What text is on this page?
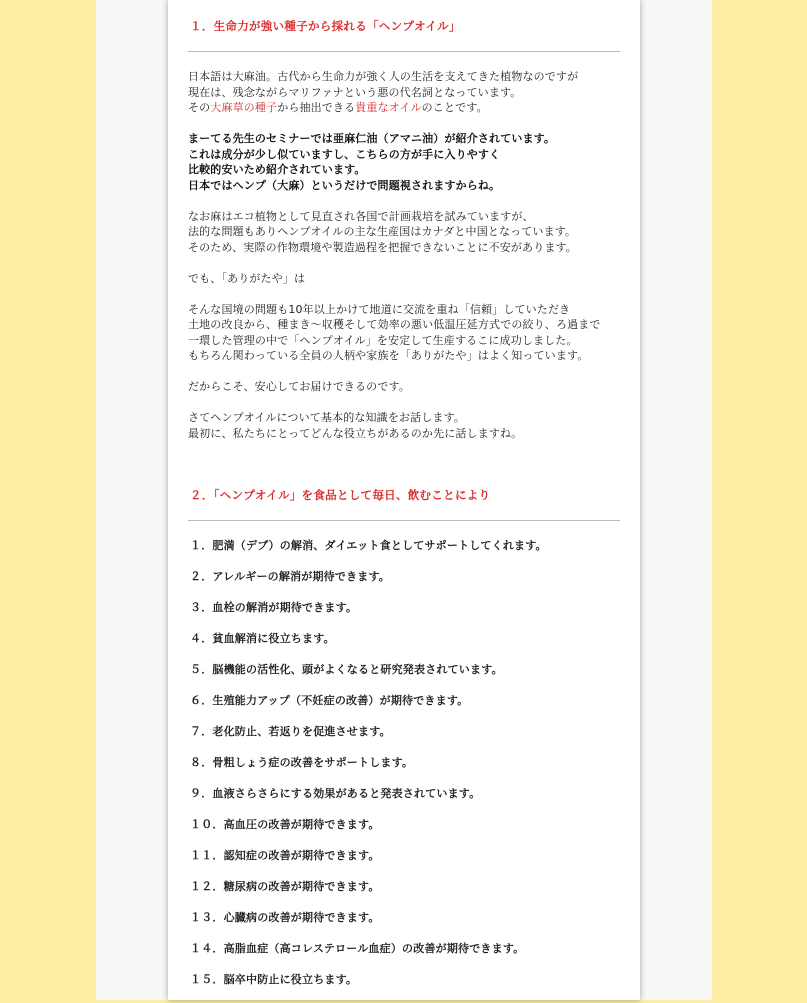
１．生命力が強い種子から採れる「ヘンプオイル」

日本語は大麻油。古代から生命力が強く人の生活を支えてきた植物なのですが
現在は、残念ながらマリファナという悪の代名詞となっています。
その大麻草の種子から抽出できる貴重なオイルのことです。

まーてる先生のセミナーでは亜麻仁油（アマニ油）が紹介されています。
これは成分が少し似ていますし、こちらの方が手に入りやすく
比較的安いため紹介されています。
日本ではヘンプ（大麻）というだけで問題視されますからね。

なお麻はエコ植物として見直され各国で計画栽培を試みていますが、
法的な問題もありヘンプオイルの主な生産国はカナダと中国となっています。
そのため、実際の作物環境や製造過程を把握できないことに不安があります。

でも、「ありがたや」は

そんな国境の問題も10年以上かけて地道に交流を重ね「信頼」していただき
土地の改良から、種まき～収穫そして効率の悪い低温圧延方式での絞り、ろ過まで
一環した管理の中で「ヘンプオイル」を安定して生産するこに成功しました。
もちろん関わっている全員の人柄や家族を「ありがたや」はよく知っています。

だからこそ、安心してお届けできるのです。

さてヘンプオイルについて基本的な知識をお話します。
最初に、私たちにとってどんな役立ちがあるのか先に話しますね。

２．「ヘンプオイル」を食品として毎日、飲むことにより
１．肥満（デブ）の解消、ダイエット食としてサポートしてくれます。
２．アレルギーの解消が期待できます。
３．血栓の解消が期待できます。
４．貧血解消に役立ちます。
５．脳機能の活性化、頭がよくなると研究発表されています。
６．生殖能力アップ（不妊症の改善）が期待できます。
７．老化防止、若返りを促進させます。
８．骨粗しょう症の改善をサポートします。
９．血液さらさらにする効果があると発表されています。
１０．高血圧の改善が期待できます。
１１．認知症の改善が期待できます。
１２．糖尿病の改善が期待できます。
１３．心臓病の改善が期待できます。
１４．高脂血症（高コレステロール血症）の改善が期待できます。
１５．脳卒中防止に役立ちます。
